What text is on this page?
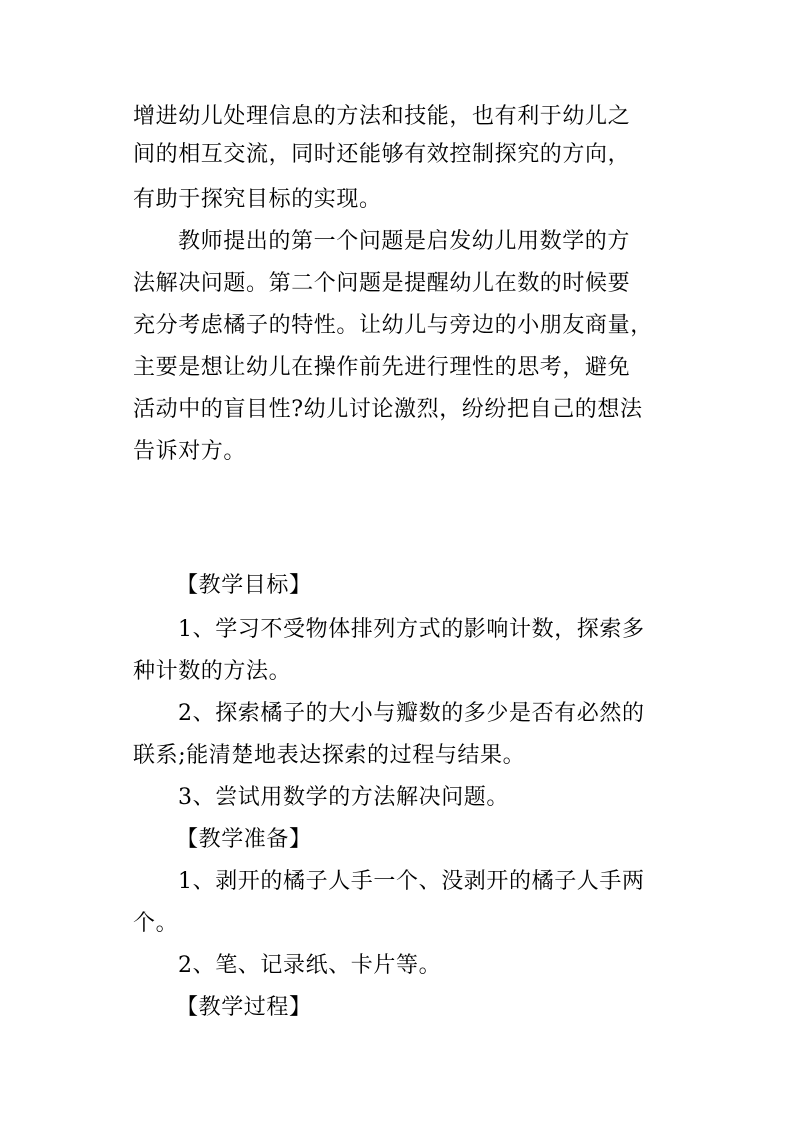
增进幼儿处理信息的方法和技能，也有利于幼儿之
间的相互交流，同时还能够有效控制探究的方向，
有助于探究目标的实现。
教师提出的第一个问题是启发幼儿用数学的方
法解决问题。第二个问题是提醒幼儿在数的时候要
充分考虑橘子的特性。让幼儿与旁边的小朋友商量，
主要是想让幼儿在操作前先进行理性的思考，避免
活动中的盲目性?幼儿讨论激烈，纷纷把自己的想法
告诉对方。
【教学目标】
1、学习不受物体排列方式的影响计数，探索多
种计数的方法。
2、探索橘子的大小与瓣数的多少是否有必然的
联系;能清楚地表达探索的过程与结果。
3、尝试用数学的方法解决问题。
【教学准备】
1、剥开的橘子人手一个、没剥开的橘子人手两
个。
2、笔、记录纸、卡片等。
【教学过程】
